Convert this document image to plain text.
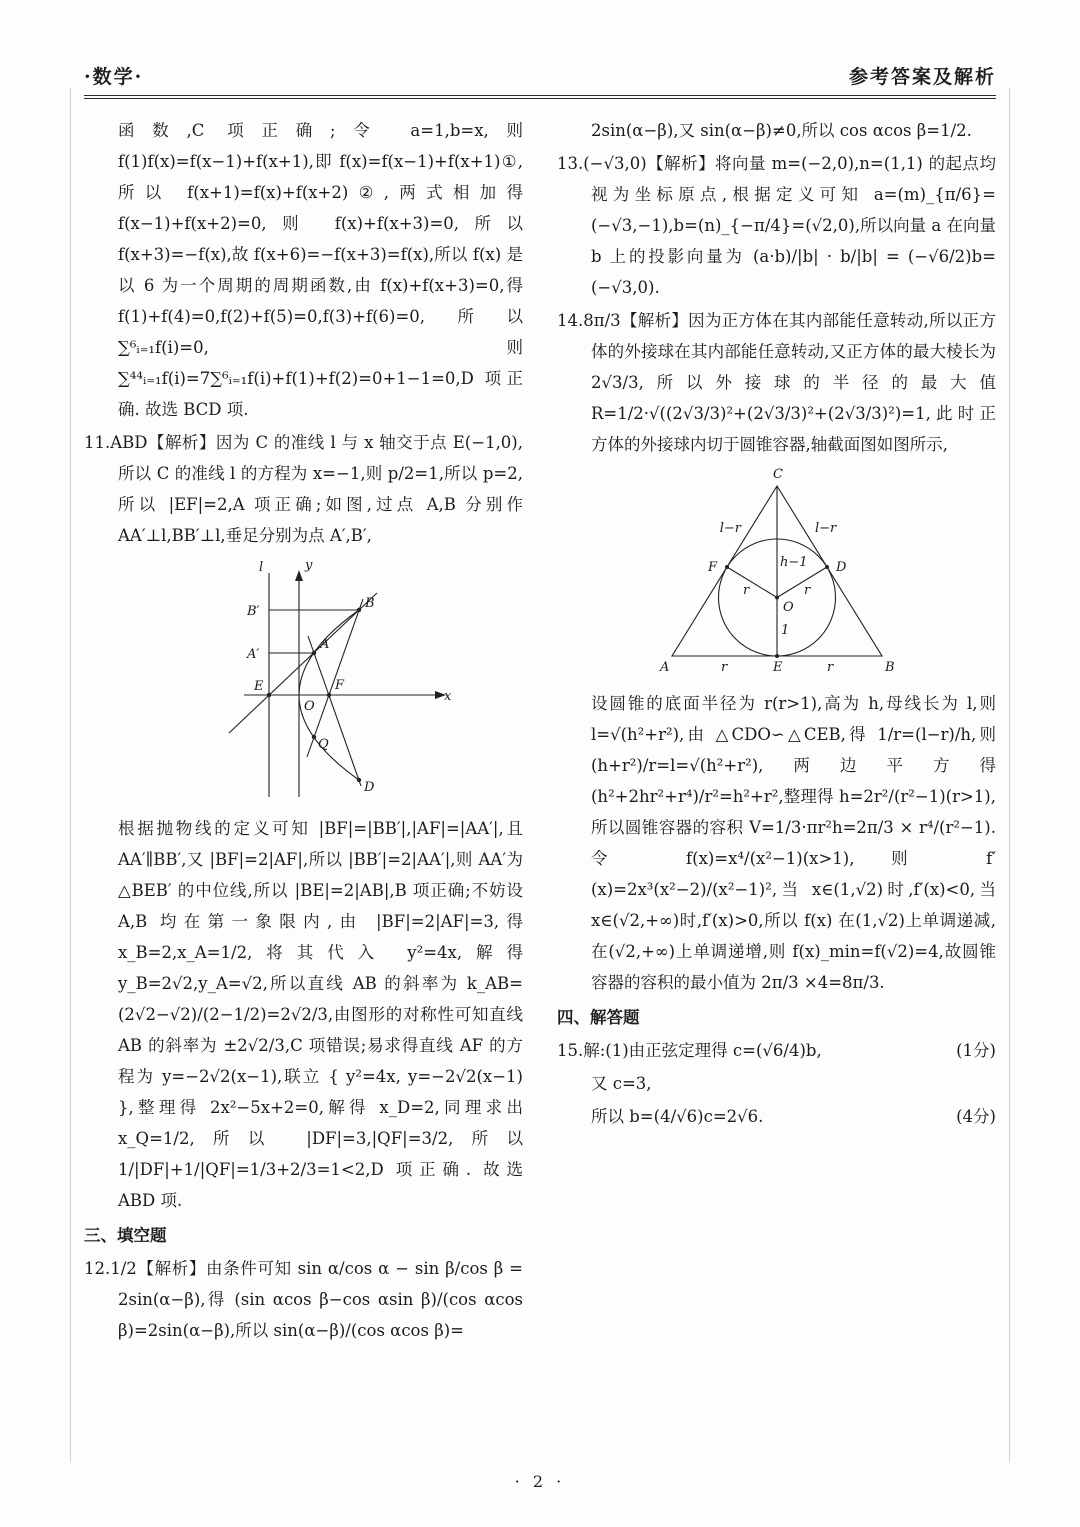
·数学·	参考答案及解析

函数,C 项正确;令 a=1,b=x,则 f(1)f(x)=f(x−1)+f(x+1),即 f(x)=f(x−1)+f(x+1)①,所以 f(x+1)=f(x)+f(x+2)②,两式相加得 f(x−1)+f(x+2)=0,则 f(x)+f(x+3)=0,所以 f(x+3)=−f(x),故 f(x+6)=−f(x+3)=f(x),所以 f(x) 是以 6 为一个周期的周期函数,由 f(x)+f(x+3)=0,得 f(1)+f(4)=0,f(2)+f(5)=0,f(3)+f(6)=0,所以 ∑⁶ᵢ₌₁f(i)=0,则 ∑⁴⁴ᵢ₌₁f(i)=7∑⁶ᵢ₌₁f(i)+f(1)+f(2)=0+1−1=0,D 项正确. 故选 BCD 项.

11.ABD【解析】因为 C 的准线 l 与 x 轴交于点 E(−1,0),所以 C 的准线 l 的方程为 x=−1,则 p/2=1,所以 p=2,所以 |EF|=2,A 项正确;如图,过点 A,B 分别作 AA′⊥l,BB′⊥l,垂足分别为点 A′,B′,

l	y
x
B′
A′
E
O
F
A
B
Q
D

根据抛物线的定义可知 |BF|=|BB′|,|AF|=|AA′|,且 AA′∥BB′,又 |BF|=2|AF|,所以 |BB′|=2|AA′|,则 AA′为△BEB′ 的中位线,所以 |BE|=2|AB|,B 项正确;不妨设 A,B 均在第一象限内,由 |BF|=2|AF|=3,得 x_B=2,x_A=1/2,将其代入 y²=4x,解得 y_B=2√2,y_A=√2,所以直线 AB 的斜率为 k_AB=(2√2−√2)/(2−1/2)=2√2/3,由图形的对称性可知直线 AB 的斜率为 ±2√2/3,C 项错误;易求得直线 AF 的方程为 y=−2√2(x−1),联立 { y²=4x, y=−2√2(x−1) },整理得 2x²−5x+2=0,解得 x_D=2,同理求出 x_Q=1/2,所以 |DF|=3,|QF|=3/2,所以 1/|DF|+1/|QF|=1/3+2/3=1<2,D 项正确. 故选 ABD 项.

三、填空题

12.1/2【解析】由条件可知 sin α/cos α − sin β/cos β = 2sin(α−β),得 (sin αcos β−cos αsin β)/(cos αcos β)=2sin(α−β),所以 sin(α−β)/(cos αcos β)=

2sin(α−β),又 sin(α−β)≠0,所以 cos αcos β=1/2.

13.(−√3,0)【解析】将向量 m=(−2,0),n=(1,1) 的起点均视为坐标原点,根据定义可知 a=(m)_{π/6}=(−√3,−1),b=(n)_{−π/4}=(√2,0),所以向量 a 在向量 b 上的投影向量为 (a·b)/|b| · b/|b| = (−√6/2)b=(−√3,0).

14.8π/3【解析】因为正方体在其内部能任意转动,所以正方体的外接球在其内部能任意转动,又正方体的最大棱长为 2√3/3,所以外接球的半径的最大值 R=1/2·√((2√3/3)²+(2√3/3)²+(2√3/3)²)=1,此时正方体的外接球内切于圆锥容器,轴截面图如图所示,

C
l−r	l−r
F	D
h−1
O
r	r
1
A	r	E	r	B

设圆锥的底面半径为 r(r>1),高为 h,母线长为 l,则 l=√(h²+r²),由 △CDO∽△CEB,得 1/r=(l−r)/h,则 (h+r²)/r=l=√(h²+r²),两边平方得 (h²+2hr²+r⁴)/r²=h²+r²,整理得 h=2r²/(r²−1)(r>1),所以圆锥容器的容积 V=1/3·πr²h=2π/3 × r⁴/(r²−1). 令 f(x)=x⁴/(x²−1)(x>1),则 f′(x)=2x³(x²−2)/(x²−1)²,当 x∈(1,√2)时,f′(x)<0,当 x∈(√2,+∞)时,f′(x)>0,所以 f(x) 在(1,√2)上单调递减,在(√2,+∞)上单调递增,则 f(x)_min=f(√2)=4,故圆锥容器的容积的最小值为 2π/3 ×4=8π/3.

四、解答题

15.解:(1)由正弦定理得 c=(√6/4)b,	(1分)

又 c=3,

所以 b=(4/√6)c=2√6.	(4分)
· 2 ·
